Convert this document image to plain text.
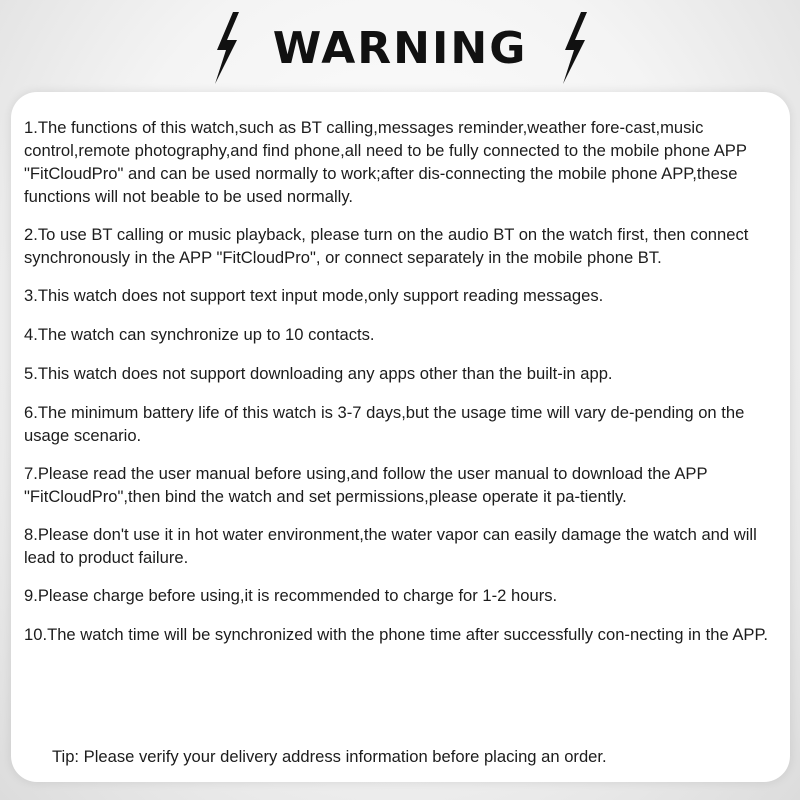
WARNING

1.The functions of this watch,such as BT calling,messages reminder,weather fore-cast,music control,remote photography,and find phone,all need to be fully connected to the mobile phone APP "FitCloudPro" and can be used normally to work;after dis-connecting the mobile phone APP,these functions will not beable to be used normally.

2.To use BT calling or music playback, please turn on the audio BT on the watch first, then connect synchronously in the APP "FitCloudPro", or connect separately in the mobile phone BT.

3.This watch does not support text input mode,only support reading messages.

4.The watch can synchronize up to 10 contacts.

5.This watch does not support downloading any apps other than the built-in app.

6.The minimum battery life of this watch is 3-7 days,but the usage time will vary de-pending on the usage scenario.

7.Please read the user manual before using,and follow the user manual to download the APP "FitCloudPro",then bind the watch and set permissions,please operate it pa-tiently.

8.Please don't use it in hot water environment,the water vapor can easily damage the watch and will lead to product failure.

9.Please charge before using,it is recommended to charge for 1-2 hours.

10.The watch time will be synchronized with the phone time after successfully con-necting in the APP.

Tip: Please verify your delivery address information before placing an order.
